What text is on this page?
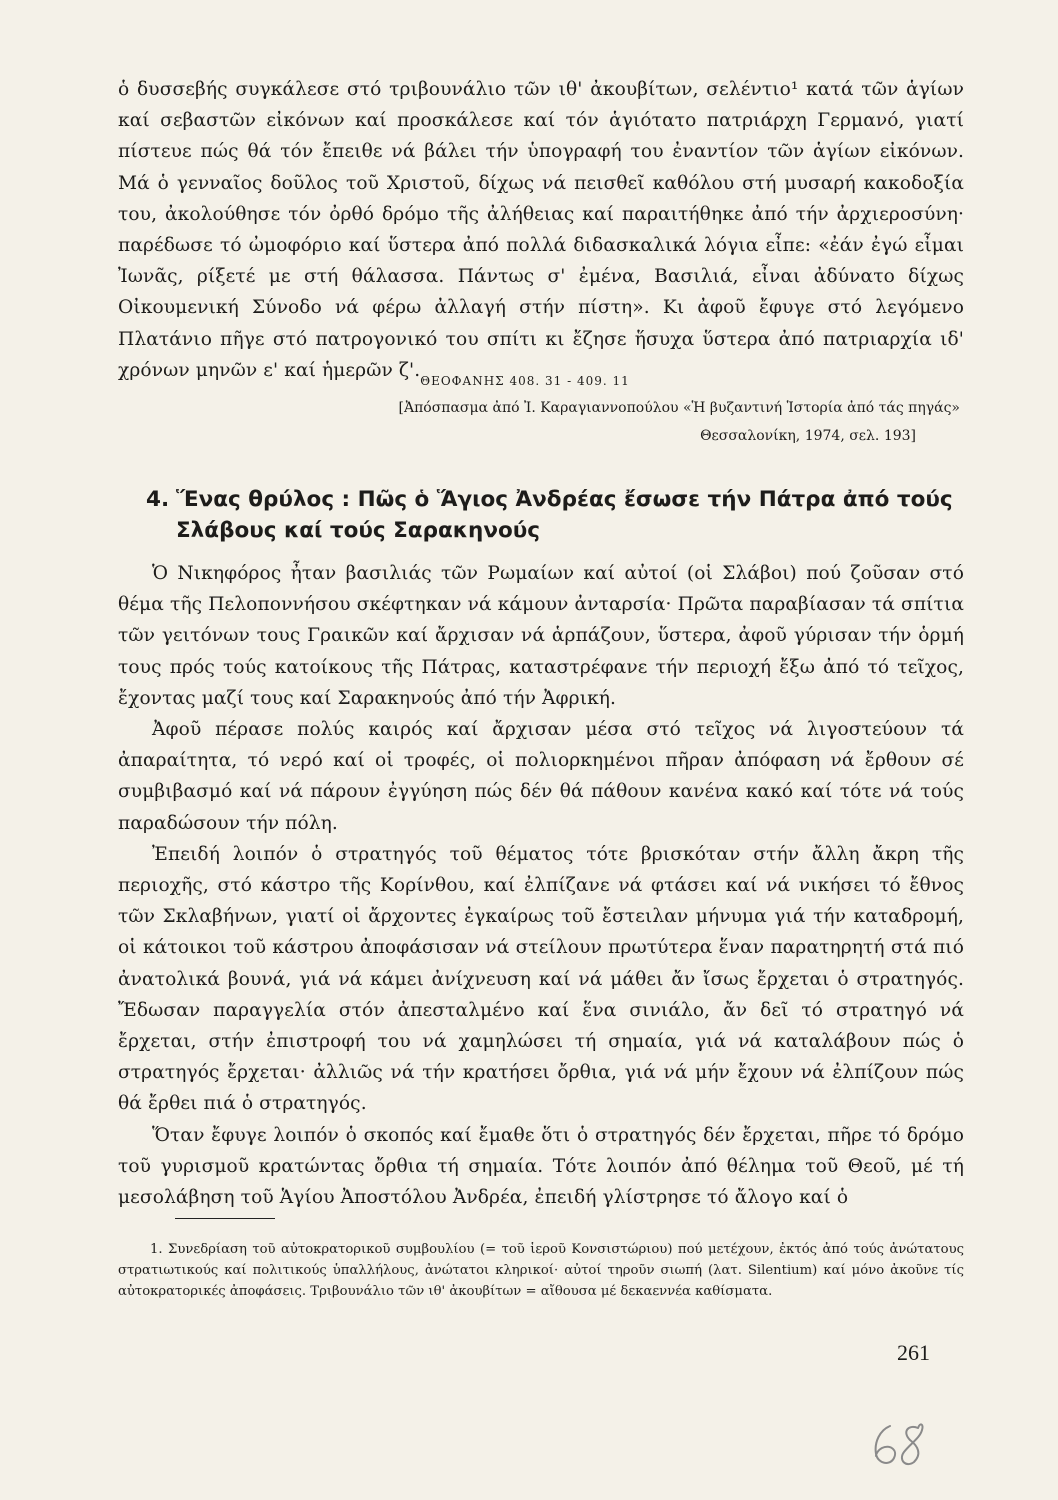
ὁ δυσσεβής συγκάλεσε στό τριβουνάλιο τῶν ιθ' ἀκουβίτων, σελέντιο¹ κατά τῶν ἁγίων καί σεβαστῶν εἰκόνων καί προσκάλεσε καί τόν ἁγιότατο πατριάρχη Γερμανό, γιατί πίστευε πώς θά τόν ἔπειθε νά βάλει τήν ὑπογραφή του ἐναντίον τῶν ἁγίων εἰκόνων. Μά ὁ γενναῖος δοῦλος τοῦ Χριστοῦ, δίχως νά πεισθεῖ καθόλου στή μυσαρή κακοδοξία του, ἀκολούθησε τόν ὀρθό δρόμο τῆς ἀλήθειας καί παραιτήθηκε ἀπό τήν ἀρχιεροσύνη· παρέδωσε τό ὠμοφόριο καί ὕστερα ἀπό πολλά διδασκαλικά λόγια εἶπε: «ἐάν ἐγώ εἶμαι Ἰωνᾶς, ρίξετέ με στή θάλασσα. Πάντως σ' ἐμένα, Βασιλιά, εἶναι ἀδύνατο δίχως Οἰκουμενική Σύνοδο νά φέρω ἀλλαγή στήν πίστη». Κι ἀφοῦ ἔφυγε στό λεγόμενο Πλατάνιο πῆγε στό πατρογονικό του σπίτι κι ἔζησε ἥσυχα ὕστερα ἀπό πατριαρχία ιδ' χρόνων μηνῶν ε' καί ἡμερῶν ζ'.

ΘΕΟΦΑΝΗΣ 408. 31 - 409. 11

[Ἀπόσπασμα ἀπό Ἰ. Καραγιαννοπούλου «Ἡ βυζαντινή Ἱστορία ἀπό τάς πηγάς»

Θεσσαλονίκη, 1974, σελ. 193]

4. Ἕνας θρύλος : Πῶς ὁ Ἅγιος Ἀνδρέας ἔσωσε τήν Πάτρα ἀπό τούς
Σλάβους καί τούς Σαρακηνούς

Ὁ Νικηφόρος ἦταν βασιλιάς τῶν Ρωμαίων καί αὐτοί (οἱ Σλάβοι) πού ζοῦσαν στό θέμα τῆς Πελοποννήσου σκέφτηκαν νά κάμουν ἀνταρσία· Πρῶτα παραβίασαν τά σπίτια τῶν γειτόνων τους Γραικῶν καί ἄρχισαν νά ἁρπάζουν, ὕστερα, ἀφοῦ γύρισαν τήν ὁρμή τους πρός τούς κατοίκους τῆς Πάτρας, καταστρέφανε τήν περιοχή ἔξω ἀπό τό τεῖχος, ἔχοντας μαζί τους καί Σαρακηνούς ἀπό τήν Ἀφρική.

Ἀφοῦ πέρασε πολύς καιρός καί ἄρχισαν μέσα στό τεῖχος νά λιγοστεύουν τά ἀπαραίτητα, τό νερό καί οἱ τροφές, οἱ πολιορκημένοι πῆραν ἀπόφαση νά ἔρθουν σέ συμβιβασμό καί νά πάρουν ἐγγύηση πώς δέν θά πάθουν κανένα κακό καί τότε νά τούς παραδώσουν τήν πόλη.

Ἐπειδή λοιπόν ὁ στρατηγός τοῦ θέματος τότε βρισκόταν στήν ἄλλη ἄκρη τῆς περιοχῆς, στό κάστρο τῆς Κορίνθου, καί ἐλπίζανε νά φτάσει καί νά νικήσει τό ἔθνος τῶν Σκλαβήνων, γιατί οἱ ἄρχοντες ἐγκαίρως τοῦ ἔστειλαν μήνυμα γιά τήν καταδρομή, οἱ κάτοικοι τοῦ κάστρου ἀποφάσισαν νά στείλουν πρωτύτερα ἕναν παρατηρητή στά πιό ἀνατολικά βουνά, γιά νά κάμει ἀνίχνευση καί νά μάθει ἄν ἴσως ἔρχεται ὁ στρατηγός. Ἔδωσαν παραγγελία στόν ἀπεσταλμένο καί ἕνα σινιάλο, ἄν δεῖ τό στρατηγό νά ἔρχεται, στήν ἐπιστροφή του νά χαμηλώσει τή σημαία, γιά νά καταλάβουν πώς ὁ στρατηγός ἔρχεται· ἀλλιῶς νά τήν κρατήσει ὄρθια, γιά νά μήν ἔχουν νά ἐλπίζουν πώς θά ἔρθει πιά ὁ στρατηγός.

Ὅταν ἔφυγε λοιπόν ὁ σκοπός καί ἔμαθε ὅτι ὁ στρατηγός δέν ἔρχεται, πῆρε τό δρόμο τοῦ γυρισμοῦ κρατώντας ὄρθια τή σημαία. Τότε λοιπόν ἀπό θέλημα τοῦ Θεοῦ, μέ τή μεσολάβηση τοῦ Ἁγίου Ἀποστόλου Ἀνδρέα, ἐπειδή γλίστρησε τό ἄλογο καί ὁ

1. Συνεδρίαση τοῦ αὐτοκρατορικοῦ συμβουλίου (= τοῦ ἱεροῦ Κονσιστώριου) πού μετέχουν, ἐκτός ἀπό τούς ἀνώτατους στρατιωτικούς καί πολιτικούς ὑπαλλήλους, ἀνώτατοι κληρικοί· αὐτοί τηροῦν σιωπή (λατ. Silentium) καί μόνο ἀκοῦνε τίς αὐτοκρατορικές ἀποφάσεις. Τριβουνάλιο τῶν ιθ' ἀκουβίτων = αἴθουσα μέ δεκαεννέα καθίσματα.

261
